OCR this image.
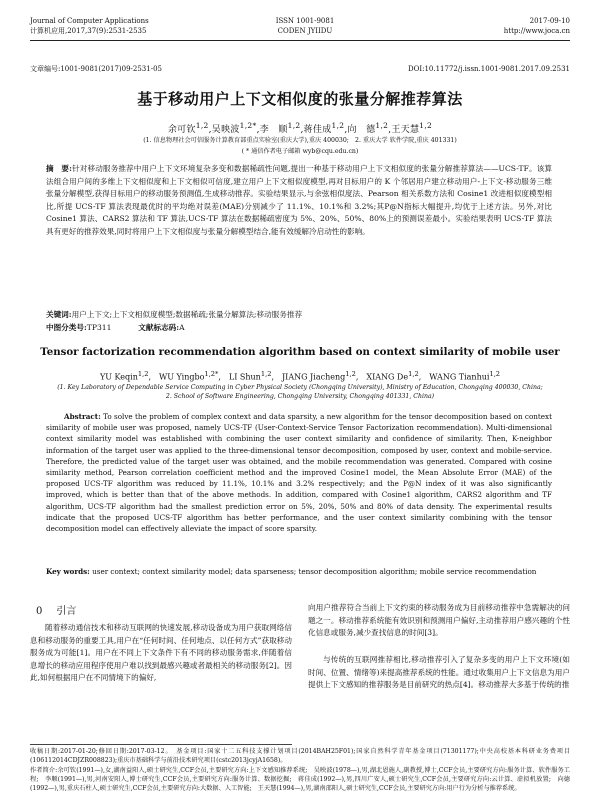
Journal of Computer Applications
计算机应用,2017,37(9):2531-2535
ISSN 1001-9081
CODEN JYIIDU
2017-09-10
http://www.joca.cn
文章编号:1001-9081(2017)09-2531-05	DOI:10.11772/j.issn.1001-9081.2017.09.2531
基于移动用户上下文相似度的张量分解推荐算法
余可钦$^{1,2}$,吴映波$^{1,2*}$,李　顺$^{1,2}$,蒋佳成$^{1,2}$,向　德$^{1,2}$,王天慧$^{1,2}$
(1. 信息物理社会可信服务计算教育部重点实验室(重庆大学),重庆 400030;　2. 重庆大学 软件学院,重庆 401331)
( * 通信作者电子邮箱 wyb@cqu.edu.cn)
摘　要:针对移动服务推荐中用户上下文环境复杂多变和数据稀疏性问题,提出一种基于移动用户上下文相似度的张量分解推荐算法——UCS-TF。该算法组合用户间的多维上下文相似度和上下文相似可信度,建立用户上下文相似度模型,再对目标用户的 K 个邻居用户建立移动用户-上下文-移动服务三维张量分解模型,获得目标用户的移动服务预测值,生成移动推荐。实验结果显示,与余弦相似度法、Pearson 相关系数方法和 Cosine1 改进相似度模型相比,所提 UCS-TF 算法表现最优时的平均绝对误差(MAE)分别减少了 11.1%、10.1%和 3.2%;其P@N指标大幅提升,均优于上述方法。另外,对比 Cosine1 算法、CARS2 算法和 TF 算法,UCS-TF 算法在数据稀疏密度为 5%、20%、50%、80%上的预测误差最小。实验结果表明 UCS-TF 算法具有更好的推荐效果,同时将用户上下文相似度与张量分解模型结合,能有效缓解冷启动性的影响。
关键词:用户上下文;上下文相似度模型;数据稀疏;张量分解算法;移动服务推荐
中图分类号:TP311	文献标志码:A
Tensor factorization recommendation algorithm based on context similarity of mobile user
YU Keqin$^{1,2}$,　WU Yingbo$^{1,2*}$,　LI Shun$^{1,2}$,　JIANG Jiacheng$^{1,2}$,　XIANG De$^{1,2}$,　WANG Tianhui$^{1,2}$
(1. Key Laboratory of Dependable Service Computing in Cyber Physical Society (Chongqing University), Ministry of Education, Chongqing 400030, China;
2. School of Software Engineering, Chongqing University, Chongqing 401331, China)
Abstract: To solve the problem of complex context and data sparsity, a new algorithm for the tensor decomposition based on context similarity of mobile user was proposed, namely UCS-TF (User-Context-Service Tensor Factorization recommendation). Multi-dimensional context similarity model was established with combining the user context similarity and confidence of similarity. Then, K-neighbor information of the target user was applied to the three-dimensional tensor decomposition, composed by user, context and mobile-service. Therefore, the predicted value of the target user was obtained, and the mobile recommendation was generated. Compared with cosine similarity method, Pearson correlation coefficient method and the improved Cosine1 model, the Mean Absolute Error (MAE) of the proposed UCS-TF algorithm was reduced by 11.1%, 10.1% and 3.2% respectively; and the P@N index of it was also significantly improved, which is better than that of the above methods. In addition, compared with Cosine1 algorithm, CARS2 algorithm and TF algorithm, UCS-TF algorithm had the smallest prediction error on 5%, 20%, 50% and 80% of data density. The experimental results indicate that the proposed UCS-TF algorithm has better performance, and the user context similarity combining with the tensor decomposition model can effectively alleviate the impact of score sparsity.
Key words: user context; context similarity model; data sparseness; tensor decomposition algorithm; mobile service recommendation
0 引言
随着移动通信技术和移动互联网的快速发展,移动设备成为用户获取网络信息和移动服务的重要工具,用户在“任何时间、任何地点、以任何方式”获取移动服务成为可能[1]。用户在不同上下文条件下有不同的移动服务需求,伴随着信息增长的移动应用程序使用户难以找到最感兴趣或者最相关的移动服务[2]。因此,如何根据用户在不同情境下的偏好,
向用户推荐符合当前上下文约束的移动服务成为目前移动推荐中急需解决的问题之一。移动推荐系统能有效识别和预测用户偏好,主动推荐用户感兴趣的个性化信息或服务,减少查找信息的时间[3]。
与传统的互联网推荐相比,移动推荐引入了复杂多变的用户上下文环境(如时间、位置、情绪等)来提高推荐系统的性能。通过收集用户上下文信息为用户提供上下文感知的推荐服务是目前研究的热点[4]。移动推荐大多基于传统的推
收稿日期:2017-01-20;修回日期:2017-03-12。　基金项目:国家十二五科技支撑计划项目(2014BAH25F01);国家自然科学青年基金项目(71301177);中央高校基本科研业务费项目(106112014CDJZR008823);重庆市基础科学与前沿技术研究项目(cstc2013jcyjA1658)。
作者简介:余可钦(1991—),女,湖南益阳人,硕士研究生,CCF会员,主要研究方向:上下文感知推荐系统;　吴映波(1978—),男,湖北恩施人,副教授,博士,CCF会员,主要研究方向:服务计算、软件服务工程;　李顺(1991—),男,河南安阳人,博士研究生,CCF会员,主要研究方向:服务计算、数据挖掘;　蒋佳成(1992—),男,四川广安人,硕士研究生,CCF会员,主要研究方向:云计算、虚拟机放置;　向德(1992—),男,重庆石柱人,硕士研究生,CCF会员,主要研究方向:大数据、人工智能;　王天慧(1994—),男,湖南邵阳人,硕士研究生,CCF会员,主要研究方向:用户行为分析与推荐系统。
